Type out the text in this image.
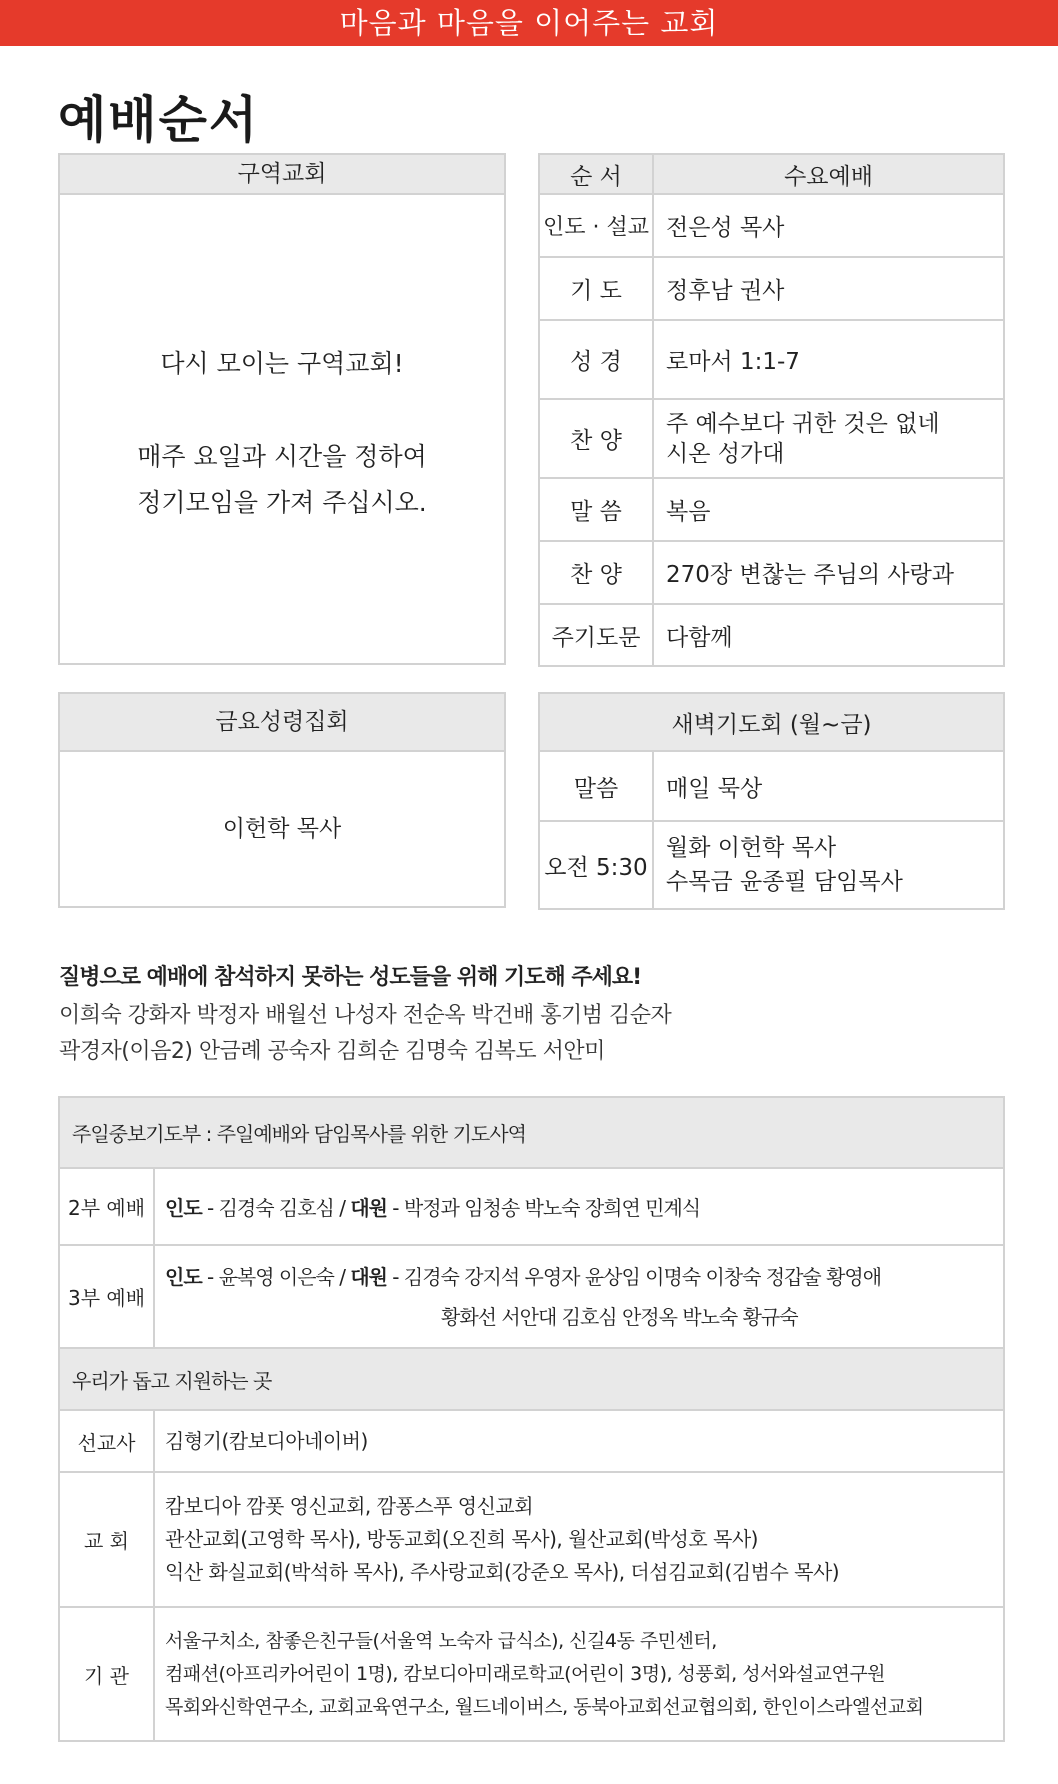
마음과 마음을 이어주는 교회
예배순서
구역교회
다시 모이는 구역교회!
매주 요일과 시간을 정하여
정기모임을 가져 주십시오.
순 서	수요예배
인도 · 설교	전은성 목사
기 도	정후남 권사
성 경	로마서 1:1-7
찬 양	주 예수보다 귀한 것은 없네
시온 성가대

말 씀	복음
찬 양	270장 변찮는 주님의 사랑과
주기도문	다함께
금요성령집회
이헌학 목사
새벽기도회 (월~금)	
말씀	매일 묵상
오전 5:30	월화 이헌학 목사
수목금 윤종필 담임목사
질병으로 예배에 참석하지 못하는 성도들을 위해 기도해 주세요!
이희숙 강화자 박정자 배월선 나성자 전순옥 박건배 홍기범 김순자
곽경자(이음2) 안금례 공숙자 김희순 김명숙 김복도 서안미
주일중보기도부 : 주일예배와 담임목사를 위한 기도사역	
2부 예배	인도 - 김경숙 김호심 / 대원 - 박정과 임청송 박노숙 장희연 민계식
3부 예배	인도 - 윤복영 이은숙 / 대원 - 김경숙 강지석 우영자 윤상임 이명숙 이창숙 정갑술 황영애
황화선 서안대 김호심 안정옥 박노숙 황규숙

우리가 돕고 지원하는 곳	
선교사	김형기(캄보디아네이버)
교 회	캄보디아 깜폿 영신교회, 깜퐁스푸 영신교회
관산교회(고영학 목사), 방동교회(오진희 목사), 월산교회(박성호 목사)
익산 화실교회(박석하 목사), 주사랑교회(강준오 목사), 더섬김교회(김범수 목사)

기 관	서울구치소, 참좋은친구들(서울역 노숙자 급식소), 신길4동 주민센터,
컴패션(아프리카어린이 1명), 캄보디아미래로학교(어린이 3명), 성풍회, 성서와설교연구원
목회와신학연구소, 교회교육연구소, 월드네이버스, 동북아교회선교협의회, 한인이스라엘선교회
